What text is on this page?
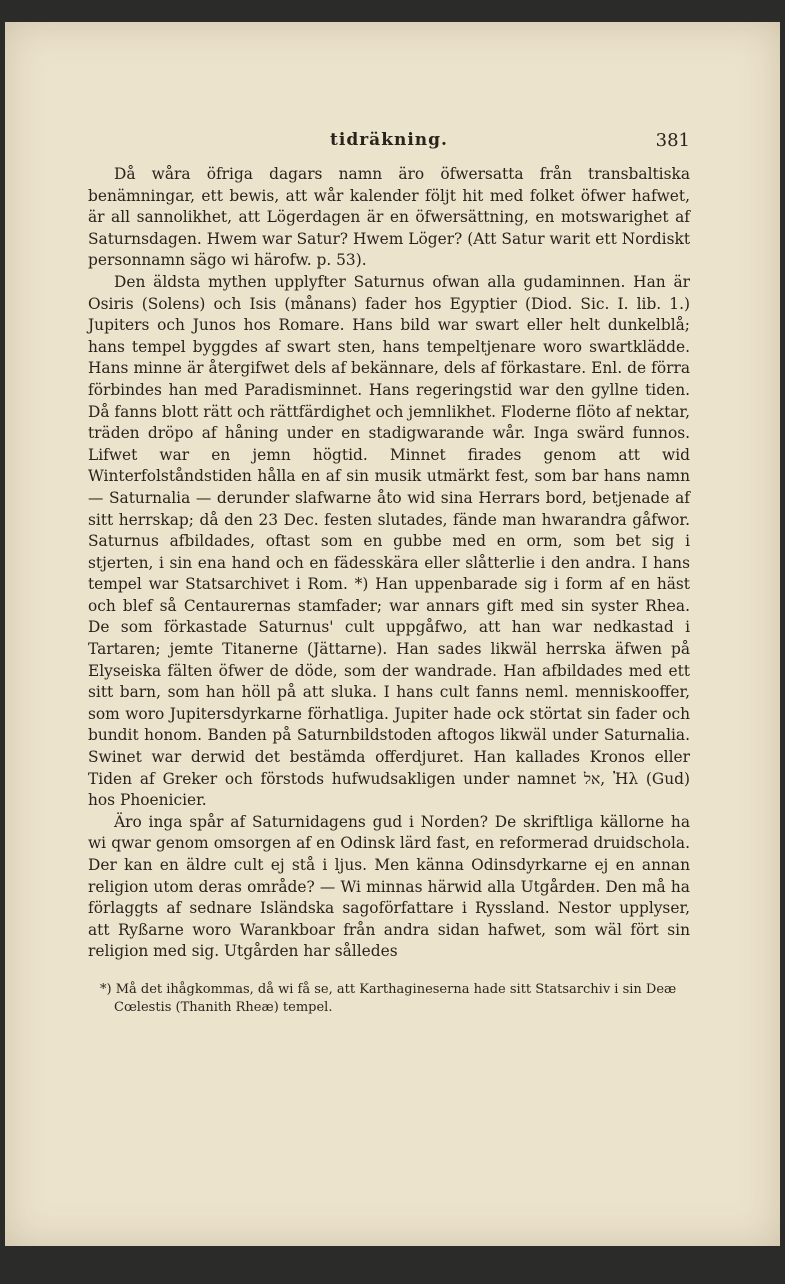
tidräkning.	381

Då wåra öfriga dagars namn äro öfwersatta från transbaltiska benämningar, ett bewis, att wår kalender följt hit med folket öfwer hafwet, är all sannolikhet, att Lögerdagen är en öfwersättning, en motswarighet af Saturnsdagen. Hwem war Satur? Hwem Löger? (Att Satur warit ett Nordiskt personnamn sägo wi härofw. p. 53).

Den äldsta mythen upplyfter Saturnus ofwan alla gudaminnen. Han är Osiris (Solens) och Isis (månans) fader hos Egyptier (Diod. Sic. I. lib. 1.) Jupiters och Junos hos Romare. Hans bild war swart eller helt dunkelblå; hans tempel byggdes af swart sten, hans tempeltjenare woro swartklädde. Hans minne är återgifwet dels af bekännare, dels af förkastare. Enl. de förra förbindes han med Paradisminnet. Hans regeringstid war den gyllne tiden. Då fanns blott rätt och rättfärdighet och jemnlikhet. Floderne flöto af nektar, träden dröpo af håning under en stadigwarande wår. Inga swärd funnos. Lifwet war en jemn högtid. Minnet firades genom att wid Winterfolståndstiden hålla en af sin musik utmärkt fest, som bar hans namn — Saturnalia — derunder slafwarne åto wid sina Herrars bord, betjenade af sitt herrskap; då den 23 Dec. festen slutades, fände man hwarandra gåfwor. Saturnus afbildades, oftast som en gubbe med en orm, som bet sig i stjerten, i sin ena hand och en fädesskära eller slåtterlie i den andra. I hans tempel war Statsarchivet i Rom. *) Han uppenbarade sig i form af en häst och blef så Centaurernas stamfader; war annars gift med sin syster Rhea. De som förkastade Saturnus' cult uppgåfwo, att han war nedkastad i Tartaren; jemte Titanerne (Jättarne). Han sades likwäl herrska äfwen på Elyseiska fälten öfwer de döde, som der wandrade. Han afbildades med ett sitt barn, som han höll på att sluka. I hans cult fanns neml. menniskooffer, som woro Jupitersdyrkarne förhatliga. Jupiter hade ock störtat sin fader och bundit honom. Banden på Saturnbildstoden aftogos likwäl under Saturnalia. Swinet war derwid det bestämda offerdjuret. Han kallades Kronos eller Tiden af Greker och förstods hufwudsakligen under namnet אל, Ἠλ (Gud) hos Phoenicier.

Äro inga spår af Saturnidagens gud i Norden? De skriftliga källorne ha wi qwar genom omsorgen af en Odinsk lärd fast, en reformerad druidschola. Der kan en äldre cult ej stå i ljus. Men känna Odinsdyrkarne ej en annan religion utom deras område? — Wi minnas härwid alla Utgårdeн. Den må ha förlaggts af sednare Isländska sagoförfattare i Ryssland. Nestor upplyser, att Ryßarne woro Warankboar från andra sidan hafwet, som wäl fört sin religion med sig. Utgården har sålledes

*) Må det ihågkommas, då wi få se, att Karthagineserna hade sitt Statsarchiv i sin Deæ Cœlestis (Thanith Rheæ) tempel.
